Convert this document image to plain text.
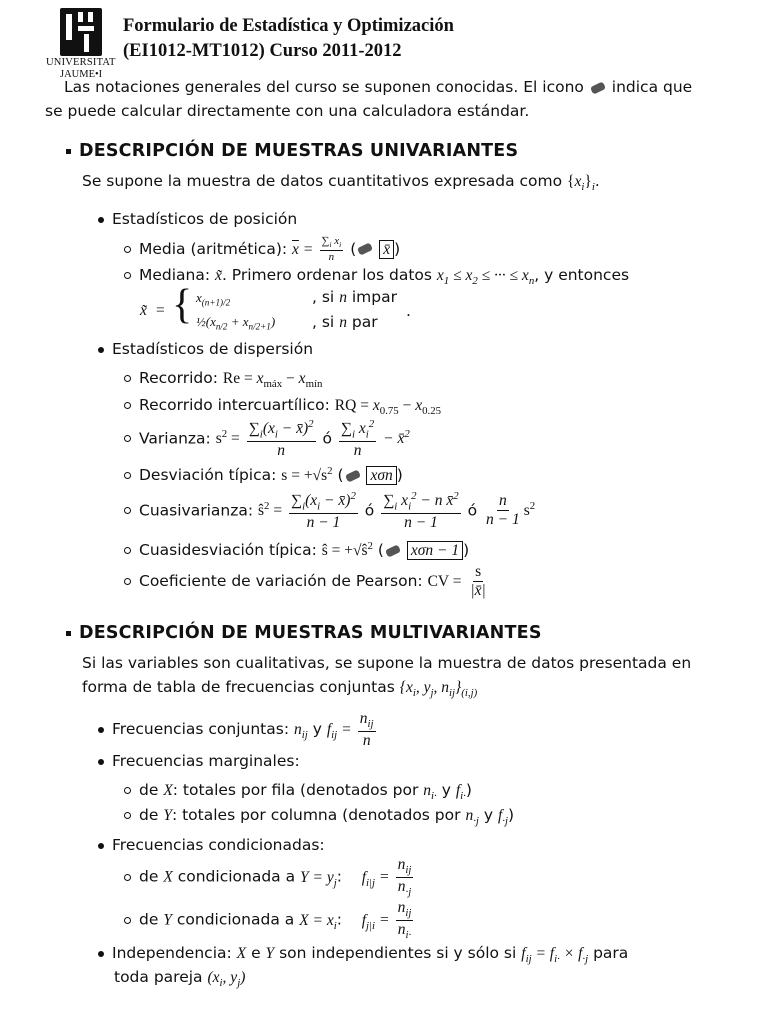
UNIVERSITAT
JAUME•I
Formulario de Estadística y Optimización
(EI1012-MT1012) Curso 2011-2012
Las notaciones generales del curso se suponen conocidas. El icono indica que
se puede calcular directamente con una calculadora estándar.
DESCRIPCIÓN DE MUESTRAS UNIVARIANTES
Se supone la muestra de datos cuantitativos expresada como $\{x_i\}_i$.
Estadísticos de posición
Media (aritmética): $\overline{x} = \frac{\sum_i x_i}{n}$ ( x̄ )
Mediana: x̃. Primero ordenar los datos $x_1 \le x_2$ ≤ ··· ≤ $x_n$, y entonces
x̃ = { $x_{(n+1)/2}$	, si n impar
$\frac{1}{2}(x_{n/2} + x_{n/2+1})$ , si n par
.
Estadísticos de dispersión
Recorrido: $Re = x_{máx} - x_{mín}$
Recorrido intercuartílico: RQ = $x_{0.75} - x_{0.25}$
Varianza: $s^2 = \frac{\sum_i(x_i - x̄)^2}{n}$ ó $\frac{\sum_i x_i^2}{n}$ − x̄$^2$
Desviación típica: $s = +√s^2$ ( xσn )
Cuasivarianza: $ŝ^2 = \frac{\sum_i(x_i - x̄)^2}{n - 1}$ ó $\frac{\sum_i x_i^2 - n x̄^2}{n - 1}$ ó $\frac{n}{n - 1} s^2$
Cuasidesviación típica: ŝ = $+√ŝ^2$ ( xσn − 1 )
Coeficiente de variación de Pearson: CV = $\frac{s}{|x̄|}$
DESCRIPCIÓN DE MUESTRAS MULTIVARIANTES
Si las variables son cualitativas, se supone la muestra de datos presentada en
forma de tabla de frecuencias conjuntas {$x_i$, $y_j$, $n_{ij}\}_{(i,j)}$
Frecuencias conjuntas: $n_{ij}$ y $f_{ij} = \frac{n_{ij}}{n}$
Frecuencias marginales:
de X: totales por fila (denotados por $n_{i\cdot}$ y $f_{i\cdot}$)
de Y: totales por columna (denotados por $n_{\cdot j}$ y $f_{\cdot j}$)
Frecuencias condicionadas:
de X condicionada a $Y = y_j$:    $f_{i|j} = \frac{n_{ij}}{n_{\cdot j}}$
de Y condicionada a $X = x_i$:    $f_{j|i} = \frac{n_{ij}}{n_{i\cdot}}$
Independencia: X e Y son independientes si y sólo si $f_{ij} = f_{i\cdot} \times f_{\cdot j}$ para
toda pareja ($x_i$, $y_j$)
